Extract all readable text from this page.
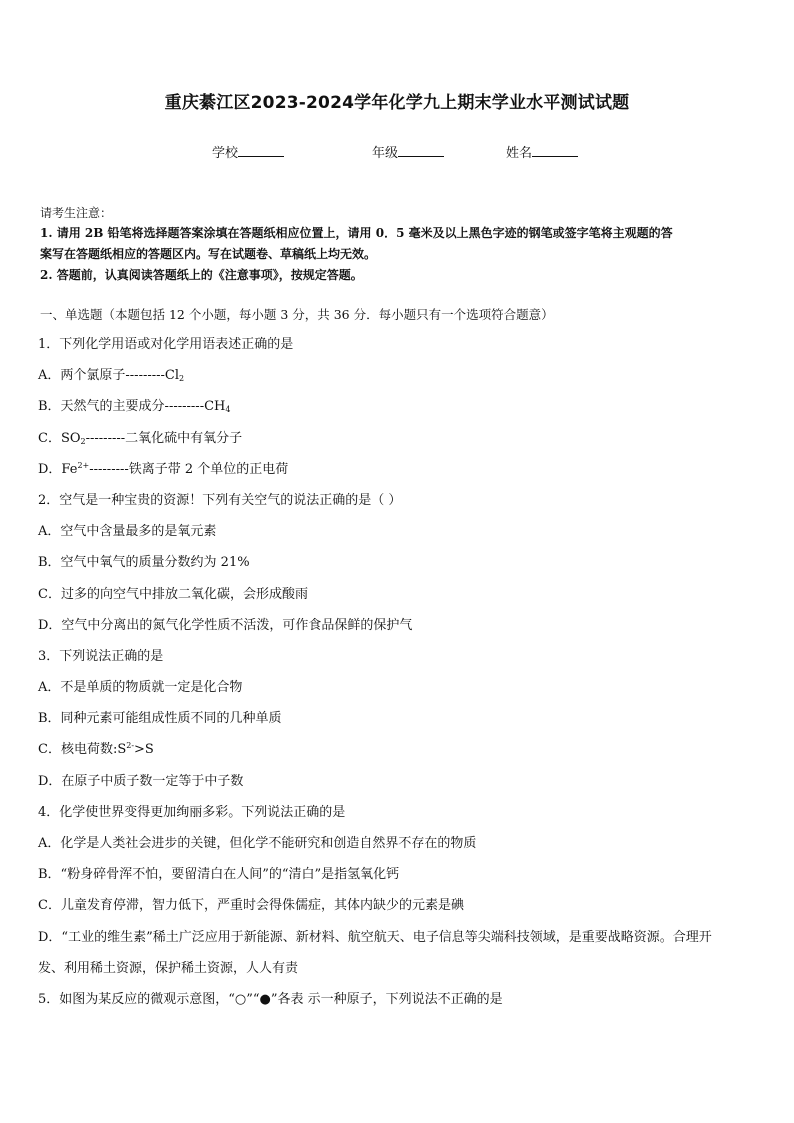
重庆綦江区2023-2024学年化学九上期末学业水平测试试题
学校	年级	姓名
请考生注意：
1. 请用 2B 铅笔将选择题答案涂填在答题纸相应位置上，请用 0．5 毫米及以上黑色字迹的钢笔或签字笔将主观题的答
案写在答题纸相应的答题区内。写在试题卷、草稿纸上均无效。
2. 答题前，认真阅读答题纸上的《注意事项》，按规定答题。
一、单选题（本题包括 12 个小题，每小题 3 分，共 36 分．每小题只有一个选项符合题意）
1．下列化学用语或对化学用语表述正确的是
A．两个氯原子$---------Cl_2$
B．天然气的主要成分$---------CH_4$
C．$SO_2---------$二氧化硫中有氧分子
D．$Fe^{2+}---------$铁离子带 2 个单位的正电荷
2．空气是一种宝贵的资源！下列有关空气的说法正确的是（ ）
A．空气中含量最多的是氧元素
B．空气中氧气的质量分数约为 21%
C．过多的向空气中排放二氧化碳，会形成酸雨
D．空气中分离出的氮气化学性质不活泼，可作食品保鲜的保护气
3．下列说法正确的是
A．不是单质的物质就一定是化合物
B．同种元素可能组成性质不同的几种单质
C．核电荷数$:S^{2-}>S$
D．在原子中质子数一定等于中子数
4．化学使世界变得更加绚丽多彩。下列说法正确的是
A．化学是人类社会进步的关键，但化学不能研究和创造自然界不存在的物质
B．“粉身碎骨浑不怕，要留清白在人间”的“清白”是指氢氧化钙
C．儿童发育停滞，智力低下，严重时会得侏儒症，其体内缺少的元素是碘
D．“工业的维生素”稀土广泛应用于新能源、新材料、航空航天、电子信息等尖端科技领域，是重要战略资源。合理开
发、利用稀土资源，保护稀土资源，人人有责
5．如图为某反应的微观示意图，“○”“●”各表 示一种原子，下列说法不正确的是
